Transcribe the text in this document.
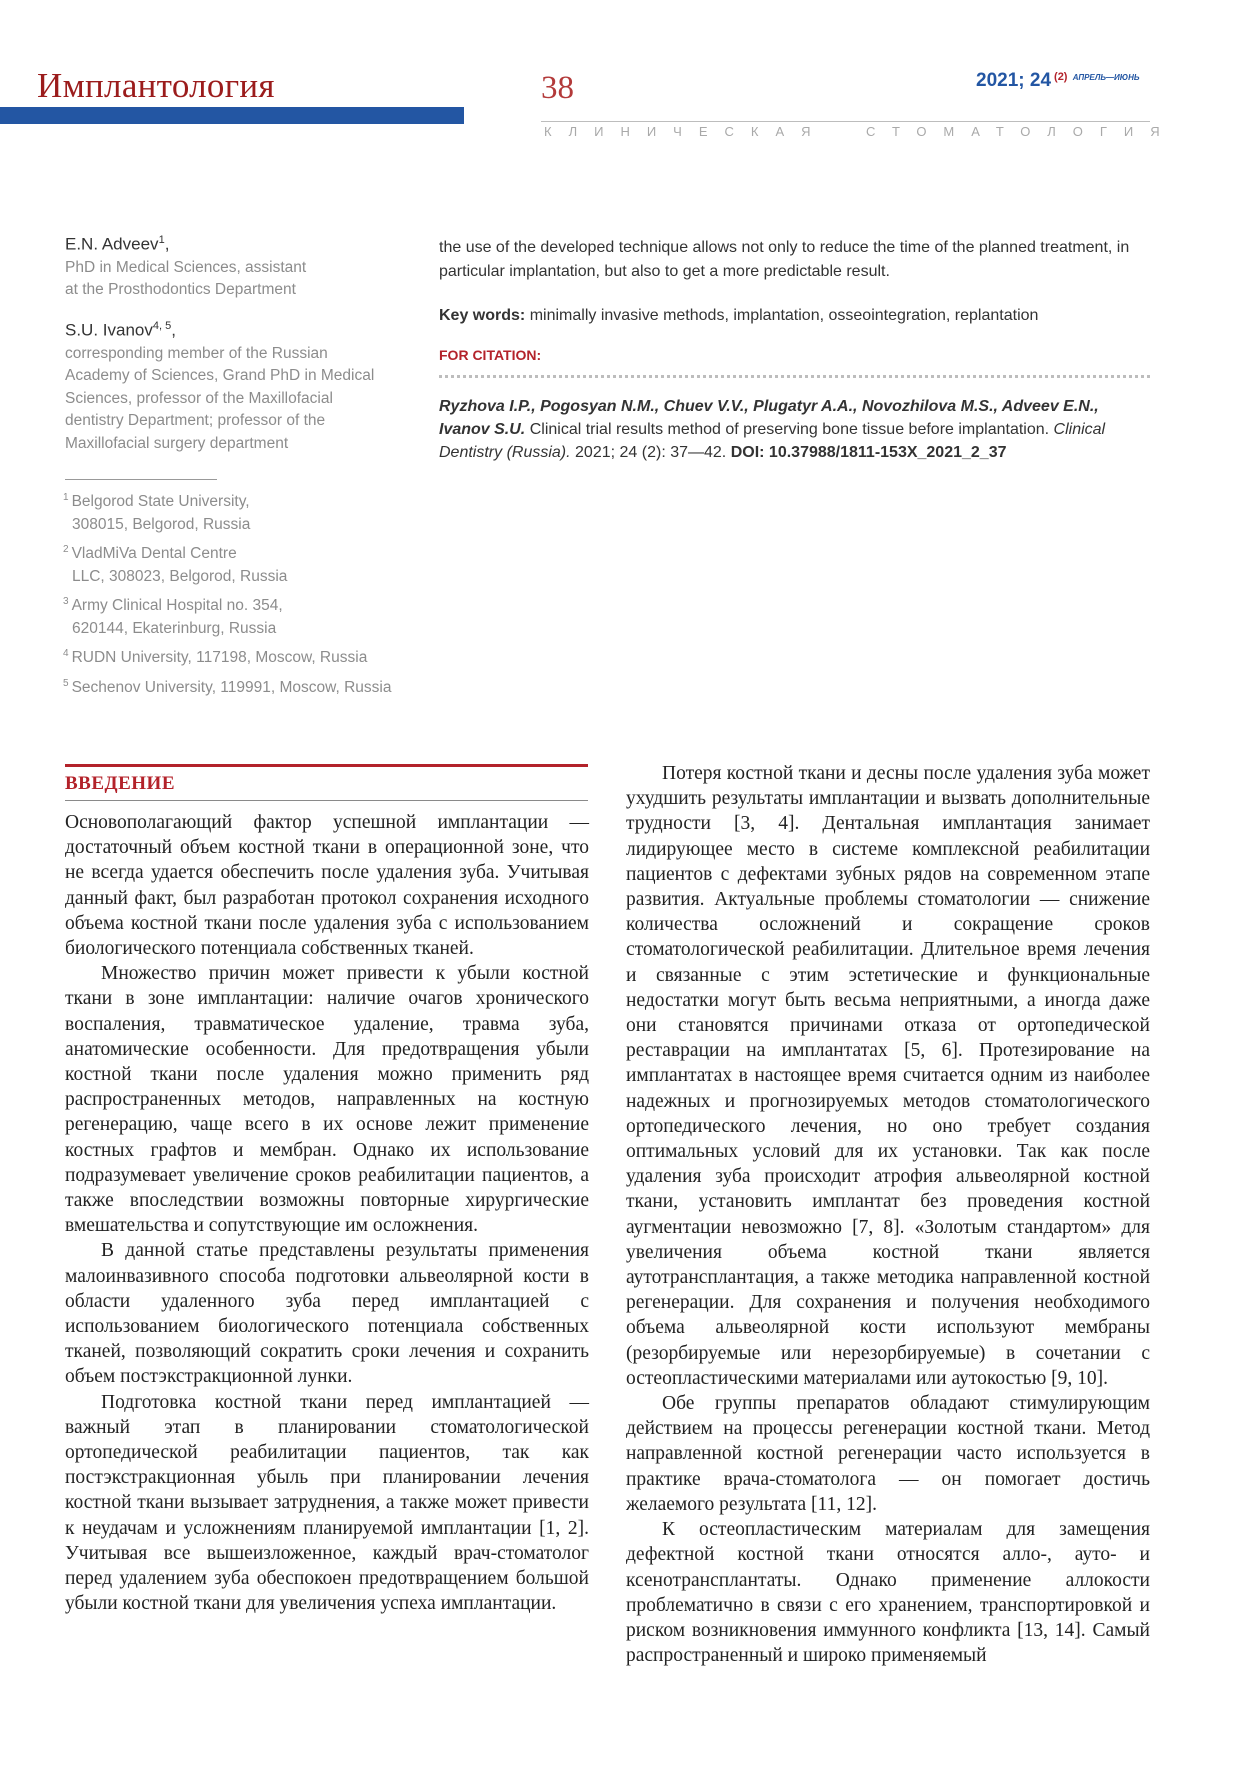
Имплантология	38	2021; 24 $^{(2)}$ $^{АПРЕЛЬ—ИЮНЬ}$
КЛИНИЧЕСКАЯ	СТОМАТОЛОГИЯ
E.N. Adveev$^1$,
PhD in Medical Sciences, assistant
at the Prosthodontics Department
S.U. Ivanov$^{4, 5}$,
corresponding member of the Russian
Academy of Sciences, Grand PhD in Medical
Sciences, professor of the Maxillofacial
dentistry Department; professor of the
Maxillofacial surgery department
$^1$ Belgorod State University,
308015, Belgorod, Russia
$^2$ VladMiVa Dental Centre
LLC, 308023, Belgorod, Russia
$^3$ Army Clinical Hospital no. 354,
620144, Ekaterinburg, Russia
$^4$ RUDN University, 117198, Moscow, Russia
$^5$ Sechenov University, 119991, Moscow, Russia

the use of the developed technique allows not only to reduce the time of the planned treatment, in particular implantation, but also to get a more predictable result.

Key words: minimally invasive methods, implantation, osseointegration, replantation

FOR CITATION:

Ryzhova I.P., Pogosyan N.M., Chuev V.V., Plugatyr A.A., Novozhilova M.S., Adveev E.N., Ivanov S.U. Clinical trial results method of preserving bone tissue before implantation. Clinical Dentistry (Russia). 2021; 24 (2): 37—42. DOI: 10.37988/1811-153X_2021_2_37

ВВЕДЕНИЕ

Основополагающий фактор успешной имплантации — достаточный объем костной ткани в операционной зоне, что не всегда удается обеспечить после удаления зуба. Учитывая данный факт, был разработан протокол сохранения исходного объема костной ткани после удаления зуба с использованием биологического потенциала собственных тканей.

Множество причин может привести к убыли костной ткани в зоне имплантации: наличие очагов хронического воспаления, травматическое удаление, травма зуба, анатомические особенности. Для предотвращения убыли костной ткани после удаления можно применить ряд распространенных методов, направленных на костную регенерацию, чаще всего в их основе лежит применение костных графтов и мембран. Однако их использование подразумевает увеличение сроков реабилитации пациентов, а также впоследствии возможны повторные хирургические вмешательства и сопутствующие им осложнения.

В данной статье представлены результаты применения малоинвазивного способа подготовки альвеолярной кости в области удаленного зуба перед имплантацией с использованием биологического потенциала собственных тканей, позволяющий сократить сроки лечения и сохранить объем постэкстракционной лунки.

Подготовка костной ткани перед имплантацией — важный этап в планировании стоматологической ортопедической реабилитации пациентов, так как постэкстракционная убыль при планировании лечения костной ткани вызывает затруднения, а также может привести к неудачам и усложнениям планируемой имплантации [1, 2]. Учитывая все вышеизложенное, каждый врач-стоматолог перед удалением зуба обеспокоен предотвращением большой убыли костной ткани для увеличения успеха имплантации.

Потеря костной ткани и десны после удаления зуба может ухудшить результаты имплантации и вызвать дополнительные трудности [3, 4]. Дентальная имплантация занимает лидирующее место в системе комплексной реабилитации пациентов с дефектами зубных рядов на современном этапе развития. Актуальные проблемы стоматологии — снижение количества осложнений и сокращение сроков стоматологической реабилитации. Длительное время лечения и связанные с этим эстетические и функциональные недостатки могут быть весьма неприятными, а иногда даже они становятся причинами отказа от ортопедической реставрации на имплантатах [5, 6]. Протезирование на имплантатах в настоящее время считается одним из наиболее надежных и прогнозируемых методов стоматологического ортопедического лечения, но оно требует создания оптимальных условий для их установки. Так как после удаления зуба происходит атрофия альвеолярной костной ткани, установить имплантат без проведения костной аугментации невозможно [7, 8]. «Золотым стандартом» для увеличения объема костной ткани является аутотрансплантация, а также методика направленной костной регенерации. Для сохранения и получения необходимого объема альвеолярной кости используют мембраны (резорбируемые или нерезорбируемые) в сочетании с остеопластическими материалами или аутокостью [9, 10].

Обе группы препаратов обладают стимулирующим действием на процессы регенерации костной ткани. Метод направленной костной регенерации часто используется в практике врача-стоматолога — он помогает достичь желаемого результата [11, 12].

К остеопластическим материалам для замещения дефектной костной ткани относятся алло-, ауто- и ксенотрансплантаты. Однако применение аллокости проблематично в связи с его хранением, транспортировкой и риском возникновения иммунного конфликта [13, 14]. Самый распространенный и широко применяемый
